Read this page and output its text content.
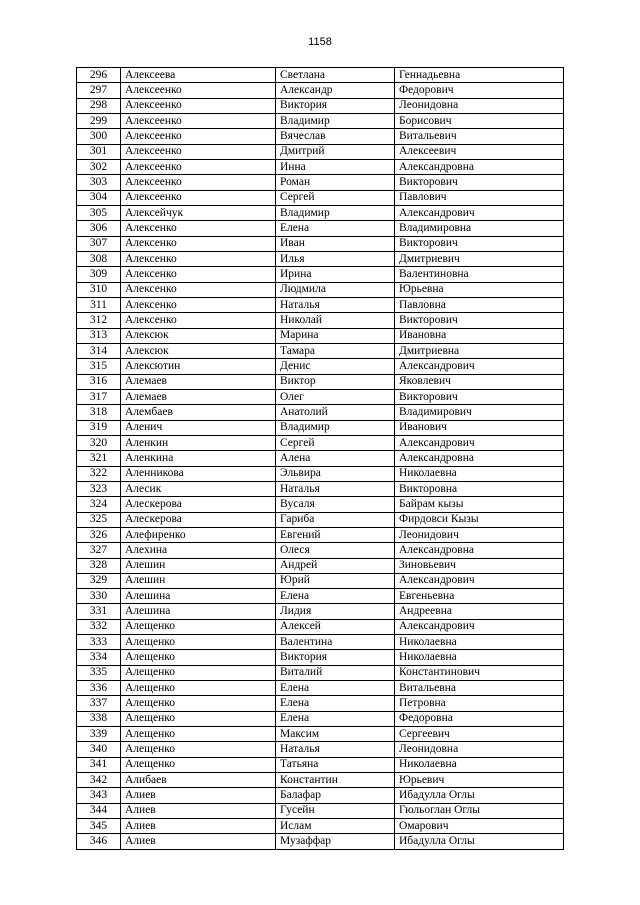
1158
296	Алексеева	Светлана	Геннадьевна
297	Алексеенко	Александр	Федорович
298	Алексеенко	Виктория	Леонидовна
299	Алексеенко	Владимир	Борисович
300	Алексеенко	Вячеслав	Витальевич
301	Алексеенко	Дмитрий	Алексеевич
302	Алексеенко	Инна	Александровна
303	Алексеенко	Роман	Викторович
304	Алексеенко	Сергей	Павлович
305	Алексейчук	Владимир	Александрович
306	Алексенко	Елена	Владимировна
307	Алексенко	Иван	Викторович
308	Алексенко	Илья	Дмитриевич
309	Алексенко	Ирина	Валентиновна
310	Алексенко	Людмила	Юрьевна
311	Алексенко	Наталья	Павловна
312	Алексенко	Николай	Викторович
313	Алексюк	Марина	Ивановна
314	Алексюк	Тамара	Дмитриевна
315	Алексютин	Денис	Александрович
316	Алемаев	Виктор	Яковлевич
317	Алемаев	Олег	Викторович
318	Алембаев	Анатолий	Владимирович
319	Аленич	Владимир	Иванович
320	Аленкин	Сергей	Александрович
321	Аленкина	Алена	Александровна
322	Аленникова	Эльвира	Николаевна
323	Алесик	Наталья	Викторовна
324	Алескерова	Вусаля	Байрам кызы
325	Алескерова	Гариба	Фирдовси Кызы
326	Алефиренко	Евгений	Леонидович
327	Алехина	Олеся	Александровна
328	Алешин	Андрей	Зиновьевич
329	Алешин	Юрий	Александрович
330	Алешина	Елена	Евгеньевна
331	Алешина	Лидия	Андреевна
332	Алещенко	Алексей	Александрович
333	Алещенко	Валентина	Николаевна
334	Алещенко	Виктория	Николаевна
335	Алещенко	Виталий	Константинович
336	Алещенко	Елена	Витальевна
337	Алещенко	Елена	Петровна
338	Алещенко	Елена	Федоровна
339	Алещенко	Максим	Сергеевич
340	Алещенко	Наталья	Леонидовна
341	Алещенко	Татьяна	Николаевна
342	Алибаев	Константин	Юрьевич
343	Алиев	Балафар	Ибадулла Оглы
344	Алиев	Гусейн	Гюльоглан Оглы
345	Алиев	Ислам	Омарович
346	Алиев	Музаффар	Ибадулла Оглы
